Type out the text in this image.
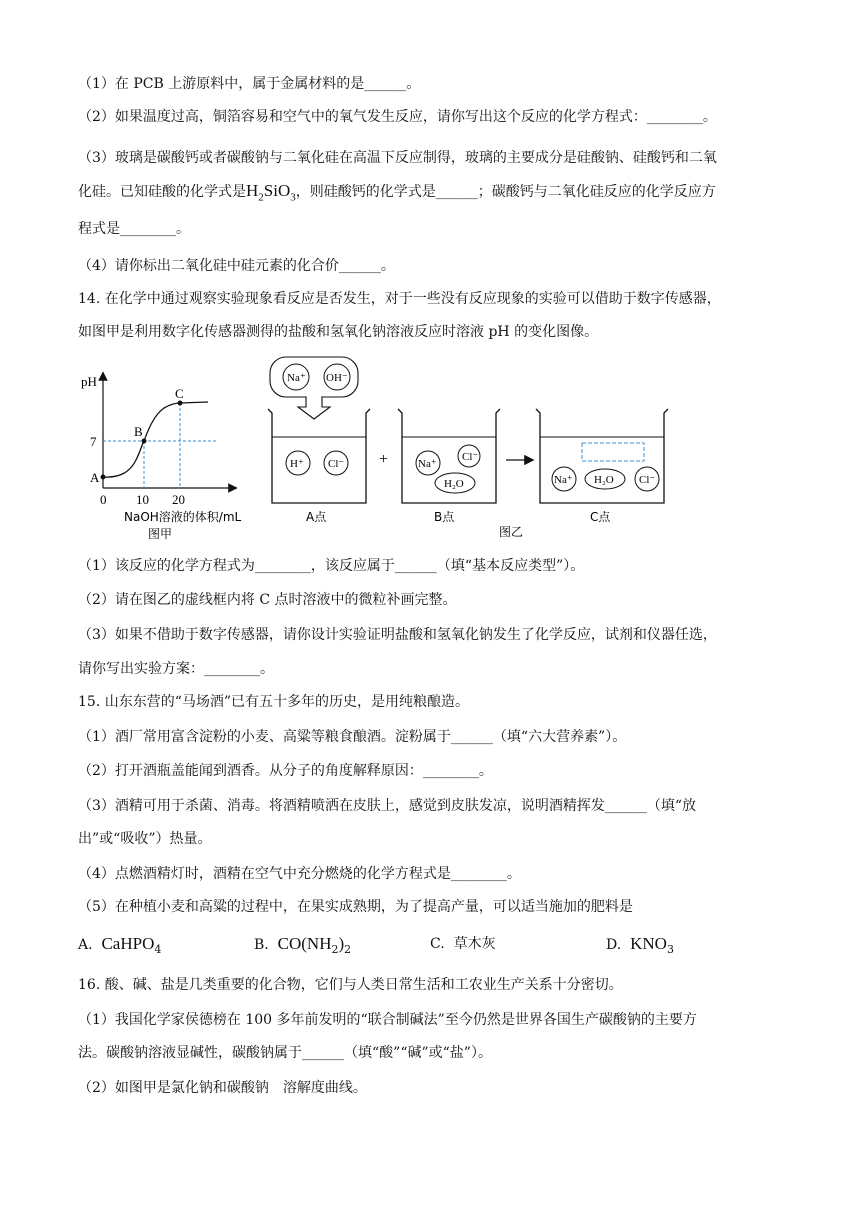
（1）在 PCB 上游原料中，属于金属材料的是______。
（2）如果温度过高，铜箔容易和空气中的氧气发生反应，请你写出这个反应的化学方程式：________。
（3）玻璃是碳酸钙或者碳酸钠与二氧化硅在高温下反应制得，玻璃的主要成分是硅酸钠、硅酸钙和二氧
化硅。已知硅酸的化学式是$H_2SiO_3$，则硅酸钙的化学式是______；碳酸钙与二氧化硅反应的化学反应方
程式是________。
（4）请你标出二氧化硅中硅元素的化合价______。
14. 在化学中通过观察实验现象看反应是否发生，对于一些没有反应现象的实验可以借助于数字传感器，
如图甲是利用数字化传感器测得的盐酸和氢氧化钠溶液反应时溶液 pH 的变化图像。
pH
7
A
B
C
0 10 20
NaOH溶液的体积/mL
图甲
Na⁺ OH⁻
H⁺ Cl⁻ +	Na⁺
Cl⁻
H₂O	Na⁺ H₂O Cl⁻
A点	B点	C点
图乙
（1）该反应的化学方程式为________，该反应属于______（填“基本反应类型”）。
（2）请在图乙的虚线框内将 C 点时溶液中的微粒补画完整。
（3）如果不借助于数字传感器，请你设计实验证明盐酸和氢氧化钠发生了化学反应，试剂和仪器任选，
请你写出实验方案：________。
15. 山东东营的“马场酒”已有五十多年的历史，是用纯粮酿造。
（1）酒厂常用富含淀粉的小麦、高粱等粮食酿酒。淀粉属于______（填“六大营养素”）。
（2）打开酒瓶盖能闻到酒香。从分子的角度解释原因：________。
（3）酒精可用于杀菌、消毒。将酒精喷洒在皮肤上，感觉到皮肤发凉，说明酒精挥发______（填“放
出”或“吸收”）热量。
（4）点燃酒精灯时，酒精在空气中充分燃烧的化学方程式是________。
（5）在种植小麦和高粱的过程中，在果实成熟期，为了提高产量，可以适当施加的肥料是
A. CaHPO$_4$	B. $CO(NH_2)_2$	C. 草木灰	D. $KNO_3$
16. 酸、碱、盐是几类重要的化合物，它们与人类日常生活和工农业生产关系十分密切。
（1）我国化学家侯德榜在 100 多年前发明的“联合制碱法”至今仍然是世界各国生产碳酸钠的主要方
法。碳酸钠溶液显碱性，碳酸钠属于______（填“酸”“碱”或“盐”）。
（2）如图甲是氯化钠和碳酸钠　溶解度曲线。
